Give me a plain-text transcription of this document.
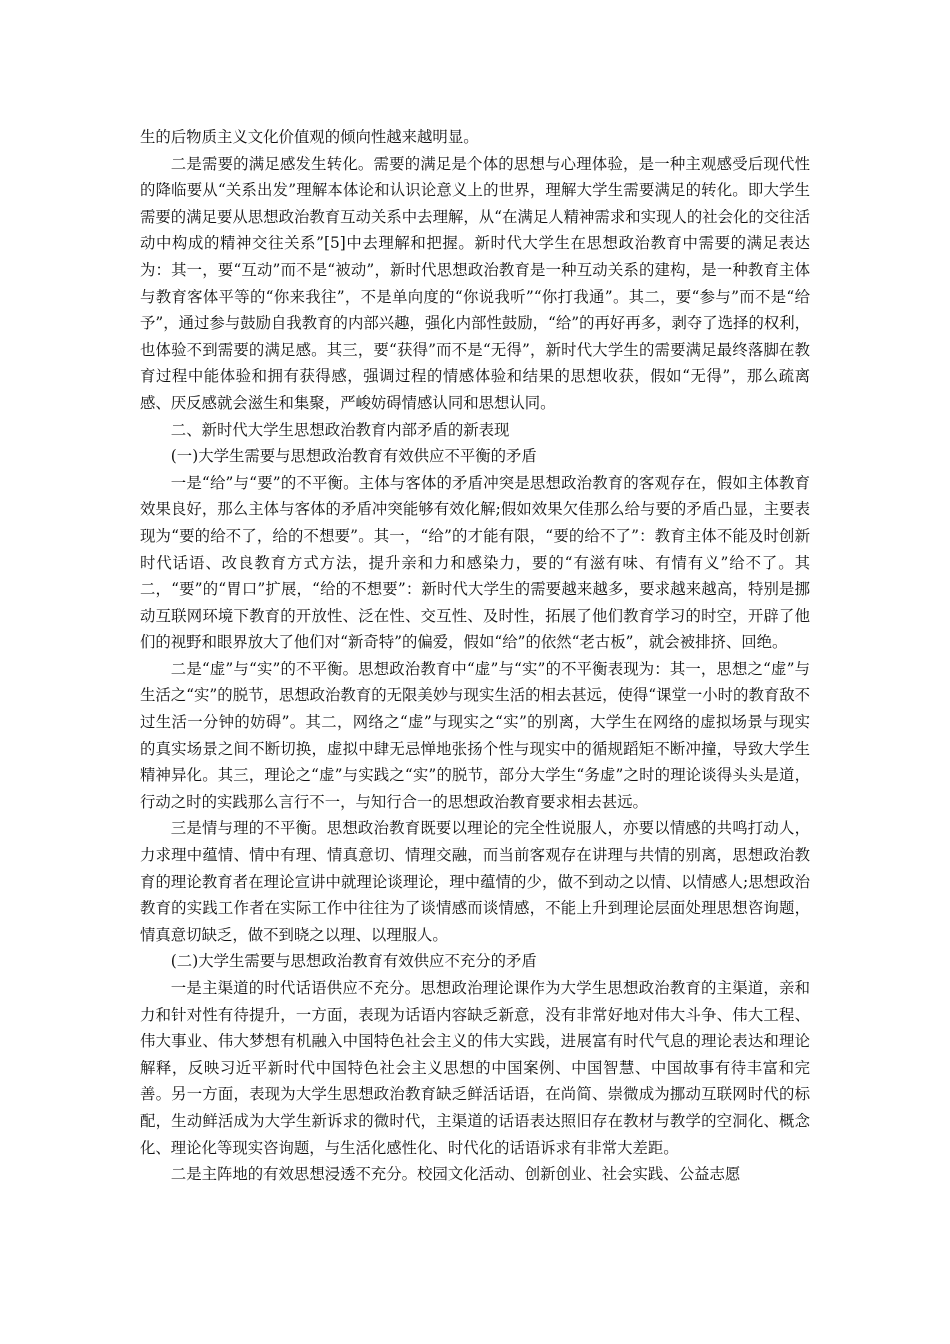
生的后物质主义文化价值观的倾向性越来越明显。

二是需要的满足感发生转化。需要的满足是个体的思想与心理体验，是一种主观感受后现代性的降临要从“关系出发”理解本体论和认识论意义上的世界，理解大学生需要满足的转化。即大学生需要的满足要从思想政治教育互动关系中去理解，从“在满足人精神需求和实现人的社会化的交往活动中构成的精神交往关系”[5]中去理解和把握。新时代大学生在思想政治教育中需要的满足表达为：其一，要“互动”而不是“被动”，新时代思想政治教育是一种互动关系的建构，是一种教育主体与教育客体平等的“你来我往”，不是单向度的“你说我听”“你打我通”。其二，要“参与”而不是“给予”，通过参与鼓励自我教育的内部兴趣，强化内部性鼓励，“给”的再好再多，剥夺了选择的权利，也体验不到需要的满足感。其三，要“获得”而不是“无得”，新时代大学生的需要满足最终落脚在教育过程中能体验和拥有获得感，强调过程的情感体验和结果的思想收获，假如“无得”，那么疏离感、厌反感就会滋生和集聚，严峻妨碍情感认同和思想认同。

二、新时代大学生思想政治教育内部矛盾的新表现

(一)大学生需要与思想政治教育有效供应不平衡的矛盾

一是“给”与“要”的不平衡。主体与客体的矛盾冲突是思想政治教育的客观存在，假如主体教育效果良好，那么主体与客体的矛盾冲突能够有效化解;假如效果欠佳那么给与要的矛盾凸显，主要表现为“要的给不了，给的不想要”。其一，“给”的才能有限，“要的给不了”：教育主体不能及时创新时代话语、改良教育方式方法，提升亲和力和感染力，要的“有滋有味、有情有义”给不了。其二，“要”的“胃口”扩展，“给的不想要”：新时代大学生的需要越来越多，要求越来越高，特别是挪动互联网环境下教育的开放性、泛在性、交互性、及时性，拓展了他们教育学习的时空，开辟了他们的视野和眼界放大了他们对“新奇特”的偏爱，假如“给”的依然“老古板”，就会被排挤、回绝。

二是“虚”与“实”的不平衡。思想政治教育中“虚”与“实”的不平衡表现为：其一，思想之“虚”与生活之“实”的脱节，思想政治教育的无限美妙与现实生活的相去甚远，使得“课堂一小时的教育敌不过生活一分钟的妨碍”。其二，网络之“虚”与现实之“实”的别离，大学生在网络的虚拟场景与现实的真实场景之间不断切换，虚拟中肆无忌惮地张扬个性与现实中的循规蹈矩不断冲撞，导致大学生精神异化。其三，理论之“虚”与实践之“实”的脱节，部分大学生“务虚”之时的理论谈得头头是道，行动之时的实践那么言行不一，与知行合一的思想政治教育要求相去甚远。

三是情与理的不平衡。思想政治教育既要以理论的完全性说服人，亦要以情感的共鸣打动人，力求理中蕴情、情中有理、情真意切、情理交融，而当前客观存在讲理与共情的别离，思想政治教育的理论教育者在理论宣讲中就理论谈理论，理中蕴情的少，做不到动之以情、以情感人;思想政治教育的实践工作者在实际工作中往往为了谈情感而谈情感，不能上升到理论层面处理思想咨询题，情真意切缺乏，做不到晓之以理、以理服人。

(二)大学生需要与思想政治教育有效供应不充分的矛盾

一是主渠道的时代话语供应不充分。思想政治理论课作为大学生思想政治教育的主渠道，亲和力和针对性有待提升，一方面，表现为话语内容缺乏新意，没有非常好地对伟大斗争、伟大工程、伟大事业、伟大梦想有机融入中国特色社会主义的伟大实践，进展富有时代气息的理论表达和理论解释，反映习近平新时代中国特色社会主义思想的中国案例、中国智慧、中国故事有待丰富和完善。另一方面，表现为大学生思想政治教育缺乏鲜活话语，在尚简、崇微成为挪动互联网时代的标配，生动鲜活成为大学生新诉求的微时代，主渠道的话语表达照旧存在教材与教学的空洞化、概念化、理论化等现实咨询题，与生活化感性化、时代化的话语诉求有非常大差距。

二是主阵地的有效思想浸透不充分。校园文化活动、创新创业、社会实践、公益志愿
